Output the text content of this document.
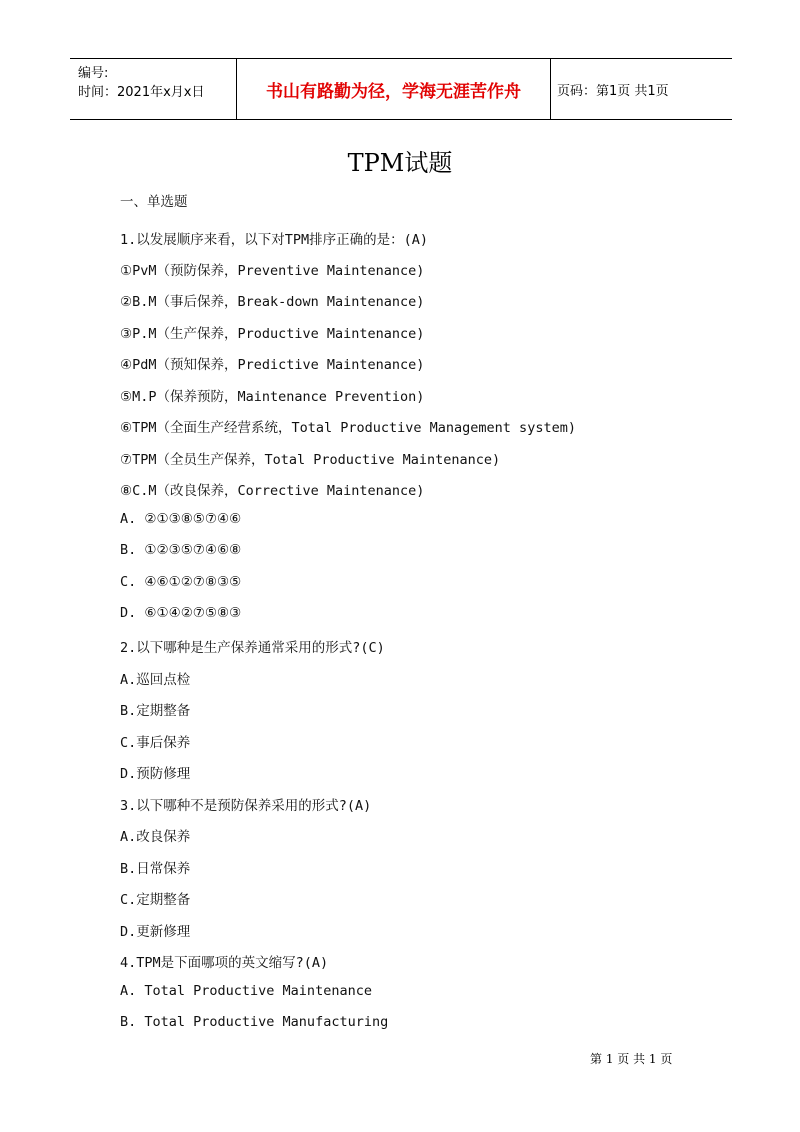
编号:
时间：2021年x月x日	书山有路勤为径，学海无涯苦作舟	页码：第1页 共1页
TPM试题
一、单选题
1.以发展顺序来看，以下对TPM排序正确的是：(A)
①PvM（预防保养，Preventive Maintenance)
②B.M（事后保养，Break-down Maintenance)
③P.M（生产保养，Productive Maintenance)
④PdM（预知保养，Predictive Maintenance)
⑤M.P（保养预防，Maintenance Prevention)
⑥TPM（全面生产经营系统，Total Productive Management system)
⑦TPM（全员生产保养，Total Productive Maintenance)
⑧C.M（改良保养，Corrective Maintenance)
A. ②①③⑧⑤⑦④⑥
B. ①②③⑤⑦④⑥⑧
C. ④⑥①②⑦⑧③⑤
D. ⑥①④②⑦⑤⑧③
2.以下哪种是生产保养通常采用的形式?(C)
A.巡回点检
B.定期整备
C.事后保养
D.预防修理
3.以下哪种不是预防保养采用的形式?(A)
A.改良保养
B.日常保养
C.定期整备
D.更新修理
4.TPM是下面哪项的英文缩写?(A)
A. Total Productive Maintenance
B. Total Productive Manufacturing
第 1 页 共 1 页
